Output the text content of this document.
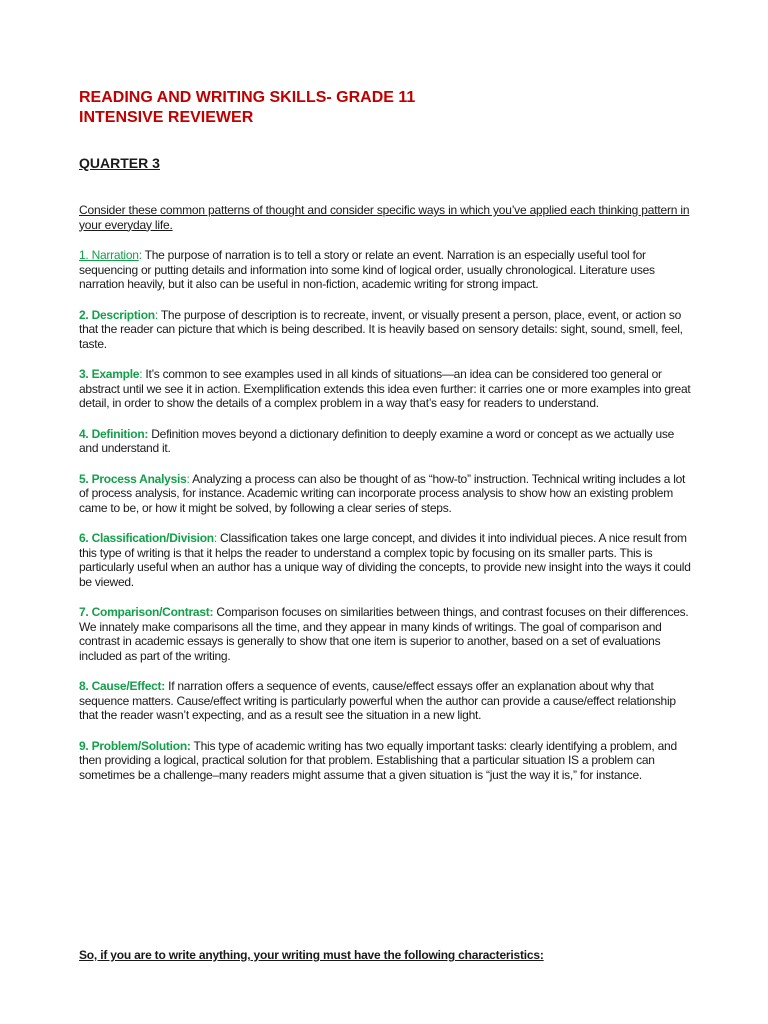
READING AND WRITING SKILLS- GRADE 11
INTENSIVE REVIEWER
QUARTER 3
Consider these common patterns of thought and consider specific ways in which you’ve applied each thinking pattern in your everyday life.
1. Narration: The purpose of narration is to tell a story or relate an event. Narration is an especially useful tool for sequencing or putting details and information into some kind of logical order, usually chronological. Literature uses narration heavily, but it also can be useful in non-fiction, academic writing for strong impact.
2. Description: The purpose of description is to recreate, invent, or visually present a person, place, event, or action so that the reader can picture that which is being described. It is heavily based on sensory details: sight, sound, smell, feel, taste.
3. Example: It’s common to see examples used in all kinds of situations—an idea can be considered too general or abstract until we see it in action. Exemplification extends this idea even further: it carries one or more examples into great detail, in order to show the details of a complex problem in a way that’s easy for readers to understand.
4. Definition: Definition moves beyond a dictionary definition to deeply examine a word or concept as we actually use and understand it.
5. Process Analysis: Analyzing a process can also be thought of as “how-to” instruction. Technical writing includes a lot of process analysis, for instance. Academic writing can incorporate process analysis to show how an existing problem came to be, or how it might be solved, by following a clear series of steps.
6. Classification/Division: Classification takes one large concept, and divides it into individual pieces. A nice result from this type of writing is that it helps the reader to understand a complex topic by focusing on its smaller parts. This is particularly useful when an author has a unique way of dividing the concepts, to provide new insight into the ways it could be viewed.
7. Comparison/Contrast: Comparison focuses on similarities between things, and contrast focuses on their differences. We innately make comparisons all the time, and they appear in many kinds of writings. The goal of comparison and contrast in academic essays is generally to show that one item is superior to another, based on a set of evaluations included as part of the writing.
8. Cause/Effect: If narration offers a sequence of events, cause/effect essays offer an explanation about why that sequence matters. Cause/effect writing is particularly powerful when the author can provide a cause/effect relationship that the reader wasn’t expecting, and as a result see the situation in a new light.
9. Problem/Solution: This type of academic writing has two equally important tasks: clearly identifying a problem, and then providing a logical, practical solution for that problem. Establishing that a particular situation IS a problem can sometimes be a challenge–many readers might assume that a given situation is “just the way it is,” for instance.
So, if you are to write anything, your writing must have the following characteristics:
